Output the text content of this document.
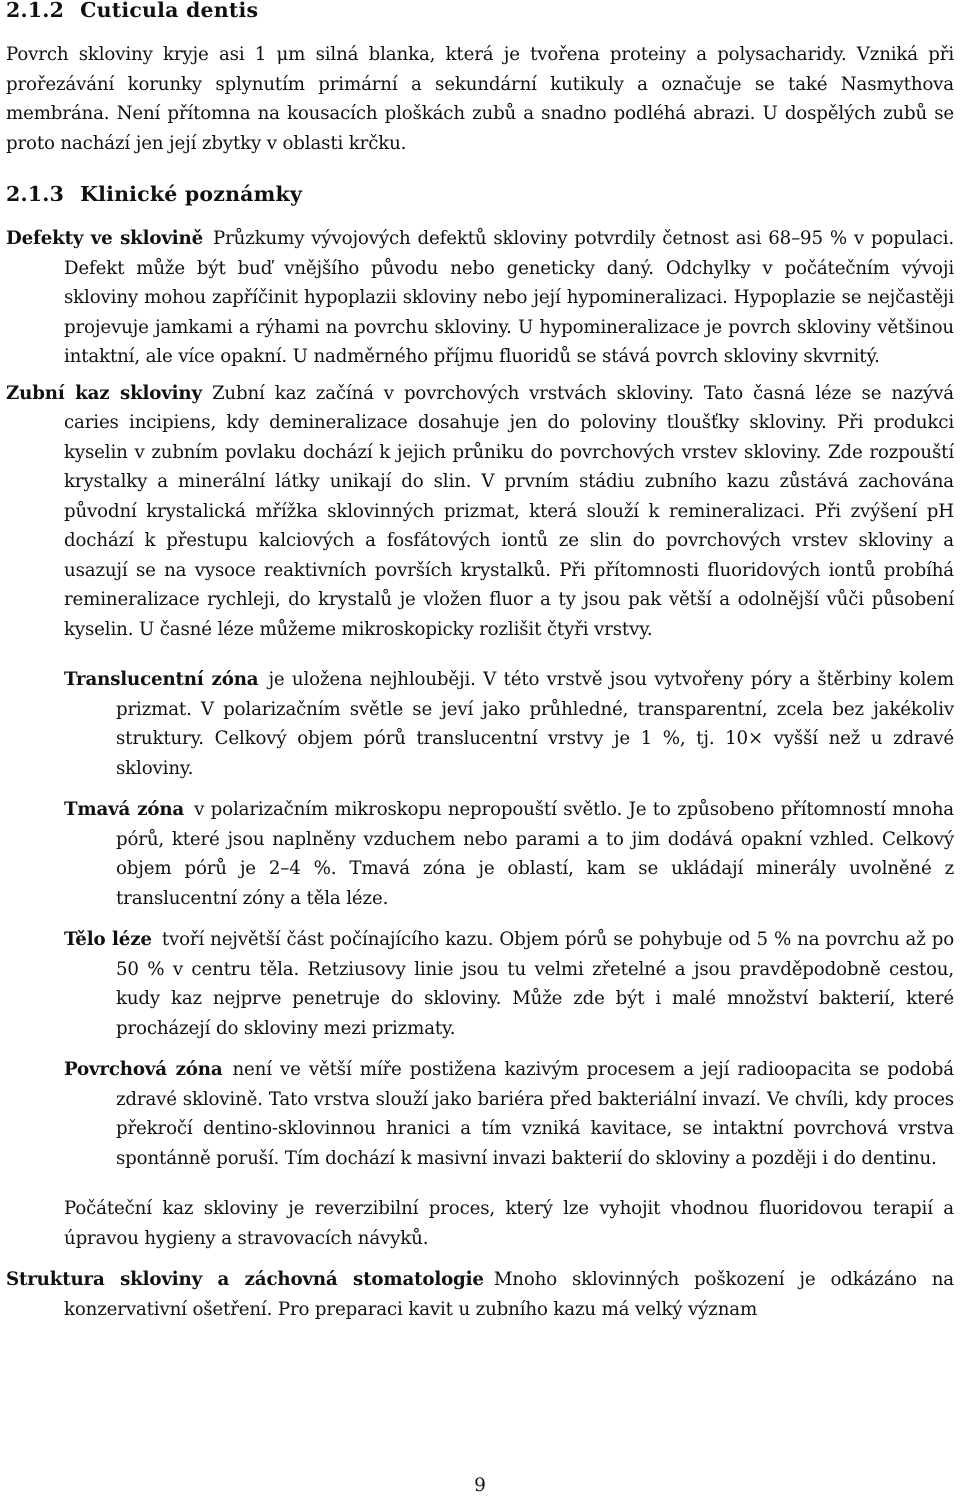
2.1.2 Cuticula dentis

Povrch skloviny kryje asi 1 μm silná blanka, která je tvořena proteiny a polysacharidy. Vzniká při prořezávání korunky splynutím primární a sekundární kutikuly a označuje se také Nasmythova membrána. Není přítomna na kousacích ploškách zubů a snadno podléhá abrazi. U dospělých zubů se proto nachází jen její zbytky v oblasti krčku.

2.1.3 Klinické poznámky
Defekty ve sklovině Průzkumy vývojových defektů skloviny potvrdily četnost asi 68–95 % v populaci. Defekt může být buď vnějšího původu nebo geneticky daný. Odchylky v počátečním vývoji skloviny mohou zapříčinit hypoplazii skloviny nebo její hypomineralizaci. Hypoplazie se nejčastěji projevuje jamkami a rýhami na povrchu skloviny. U hypomineralizace je povrch skloviny většinou intaktní, ale více opakní. U nadměrného příjmu fluoridů se stává povrch skloviny skvrnitý.
Zubní kaz skloviny Zubní kaz začíná v povrchových vrstvách skloviny. Tato časná léze se nazývá caries incipiens, kdy demineralizace dosahuje jen do poloviny tloušťky skloviny. Při produkci kyselin v zubním povlaku dochází k jejich průniku do povrchových vrstev skloviny. Zde rozpouští krystalky a minerální látky unikají do slin. V prvním stádiu zubního kazu zůstává zachována původní krystalická mřížka sklovinných prizmat, která slouží k remineralizaci. Při zvýšení pH dochází k přestupu kalciových a fosfátových iontů ze slin do povrchových vrstev skloviny a usazují se na vysoce reaktivních površích krystalků. Při přítomnosti fluoridových iontů probíhá remineralizace rychleji, do krystalů je vložen fluor a ty jsou pak větší a odolnější vůči působení kyselin. U časné léze můžeme mikroskopicky rozlišit čtyři vrstvy.
Translucentní zóna je uložena nejhlouběji. V této vrstvě jsou vytvořeny póry a štěrbiny kolem prizmat. V polarizačním světle se jeví jako průhledné, transparentní, zcela bez jakékoliv struktury. Celkový objem pórů translucentní vrstvy je 1 %, tj. 10× vyšší než u zdravé skloviny.
Tmavá zóna v polarizačním mikroskopu nepropouští světlo. Je to způsobeno přítomností mnoha pórů, které jsou naplněny vzduchem nebo parami a to jim dodává opakní vzhled. Celkový objem pórů je 2–4 %. Tmavá zóna je oblastí, kam se ukládají minerály uvolněné z translucentní zóny a těla léze.
Tělo léze tvoří největší část počínajícího kazu. Objem pórů se pohybuje od 5 % na povrchu až po 50 % v centru těla. Retziusovy linie jsou tu velmi zřetelné a jsou pravděpodobně cestou, kudy kaz nejprve penetruje do skloviny. Může zde být i malé množství bakterií, které procházejí do skloviny mezi prizmaty.
Povrchová zóna není ve větší míře postižena kazivým procesem a její radioopacita se podobá zdravé sklovině. Tato vrstva slouží jako bariéra před bakteriální invazí. Ve chvíli, kdy proces překročí dentino-sklovinnou hranici a tím vzniká kavitace, se intaktní povrchová vrstva spontánně poruší. Tím dochází k masivní invazi bakterií do skloviny a později i do dentinu.

Počáteční kaz skloviny je reverzibilní proces, který lze vyhojit vhodnou fluoridovou terapií a úpravou hygieny a stravovacích návyků.

Struktura skloviny a záchovná stomatologie Mnoho sklovinných poškození je odkázáno na konzervativní ošetření. Pro preparaci kavit u zubního kazu má velký význam
9
